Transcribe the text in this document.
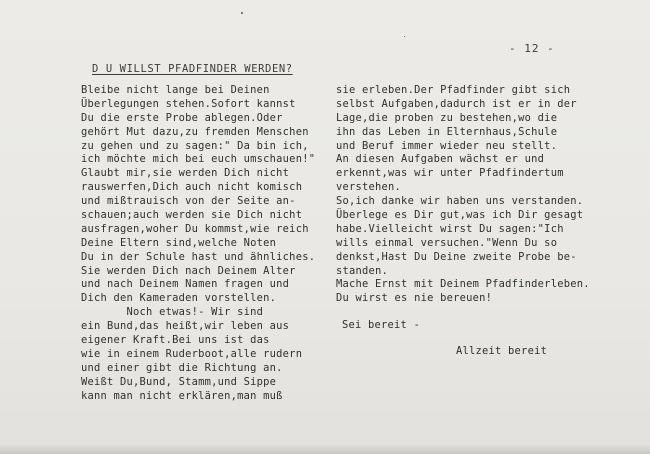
- 12 -
D U WILLST PFADFINDER WERDEN?
Bleibe nicht lange bei Deinen
Überlegungen stehen.Sofort kannst
Du die erste Probe ablegen.Oder
gehört Mut dazu,zu fremden Menschen
zu gehen und zu sagen:" Da bin ich,
ich möchte mich bei euch umschauen!"
Glaubt mir,sie werden Dich nicht
rauswerfen,Dich auch nicht komisch
und mißtrauisch von der Seite an-
schauen;auch werden sie Dich nicht
ausfragen,woher Du kommst,wie reich
Deine Eltern sind,welche Noten
Du in der Schule hast und ähnliches.
Sie werden Dich nach Deinem Alter
und nach Deinem Namen fragen und
Dich den Kameraden vorstellen.
Noch etwas!- Wir sind
ein Bund,das heißt,wir leben aus
eigener Kraft.Bei uns ist das
wie in einem Ruderboot,alle rudern
und einer gibt die Richtung an.
Weißt Du,Bund, Stamm,und Sippe
kann man nicht erklären,man muß
sie erleben.Der Pfadfinder gibt sich
selbst Aufgaben,dadurch ist er in der
Lage,die proben zu bestehen,wo die
ihn das Leben in Elternhaus,Schule
und Beruf immer wieder neu stellt.
An diesen Aufgaben wächst er und
erkennt,was wir unter Pfadfindertum
verstehen.
So,ich danke wir haben uns verstanden.
Überlege es Dir gut,was ich Dir gesagt
habe.Vielleicht wirst Du sagen:"Ich
wills einmal versuchen."Wenn Du so
denkst,Hast Du Deine zweite Probe be-
standen.
Mache Ernst mit Deinem Pfadfinderleben.
Du wirst es nie bereuen!
Sei bereit -
Allzeit bereit
